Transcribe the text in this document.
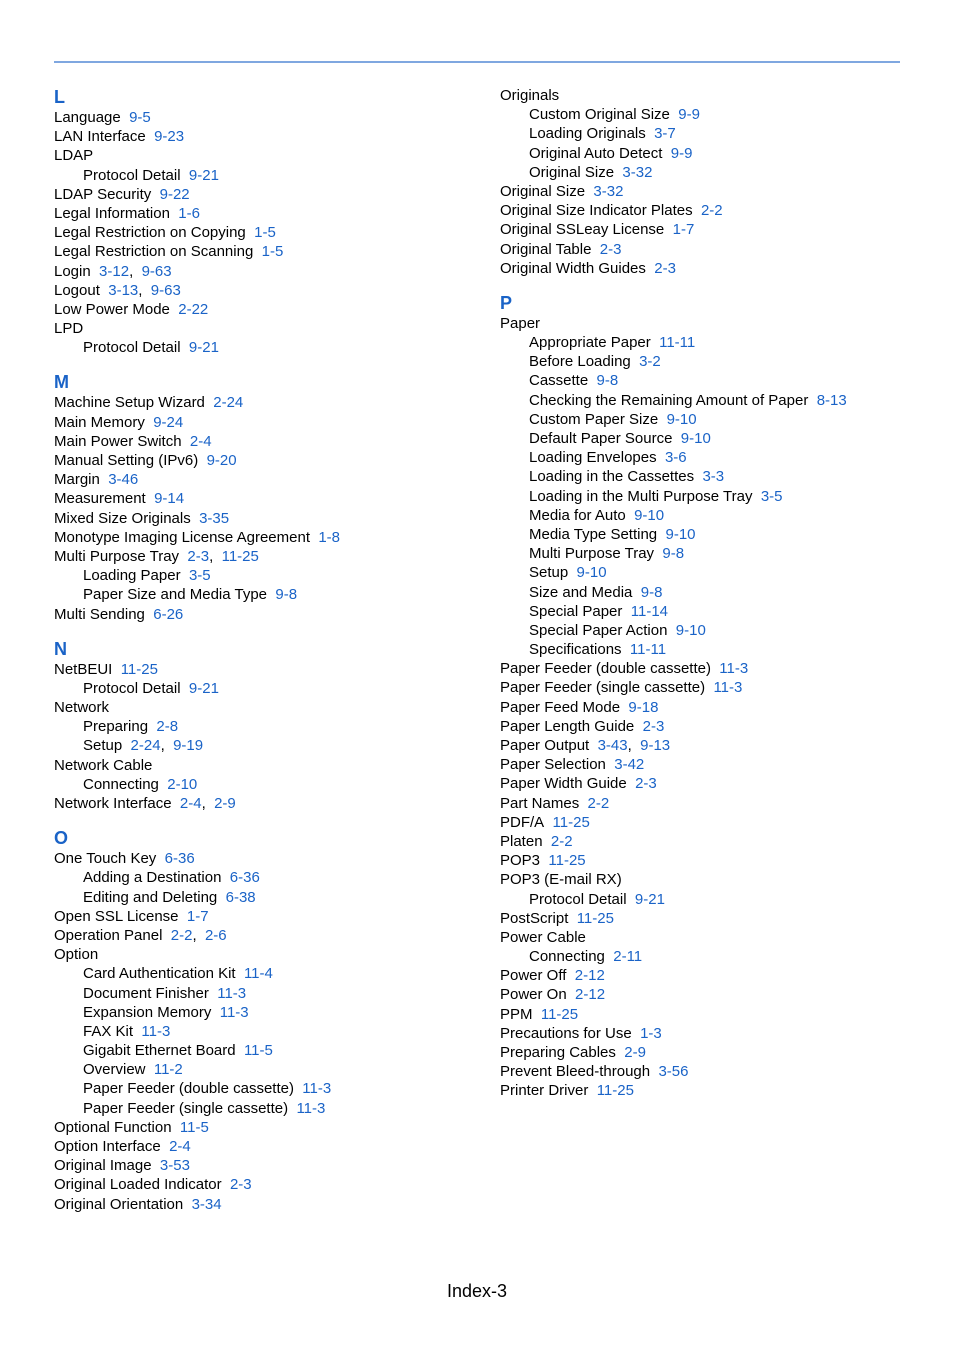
L
Language 9-5
LAN Interface 9-23
LDAP
Protocol Detail 9-21
LDAP Security 9-22
Legal Information 1-6
Legal Restriction on Copying 1-5
Legal Restriction on Scanning 1-5
Login 3-12, 9-63
Logout 3-13, 9-63
Low Power Mode 2-22
LPD
Protocol Detail 9-21
M
Machine Setup Wizard 2-24
Main Memory 9-24
Main Power Switch 2-4
Manual Setting (IPv6) 9-20
Margin 3-46
Measurement 9-14
Mixed Size Originals 3-35
Monotype Imaging License Agreement 1-8
Multi Purpose Tray 2-3, 11-25
Loading Paper 3-5
Paper Size and Media Type 9-8
Multi Sending 6-26
N
NetBEUI 11-25
Protocol Detail 9-21
Network
Preparing 2-8
Setup 2-24, 9-19
Network Cable
Connecting 2-10
Network Interface 2-4, 2-9
O
One Touch Key 6-36
Adding a Destination 6-36
Editing and Deleting 6-38
Open SSL License 1-7
Operation Panel 2-2, 2-6
Option
Card Authentication Kit 11-4
Document Finisher 11-3
Expansion Memory 11-3
FAX Kit 11-3
Gigabit Ethernet Board 11-5
Overview 11-2
Paper Feeder (double cassette) 11-3
Paper Feeder (single cassette) 11-3
Optional Function 11-5
Option Interface 2-4
Original Image 3-53
Original Loaded Indicator 2-3
Original Orientation 3-34
Originals
Custom Original Size 9-9
Loading Originals 3-7
Original Auto Detect 9-9
Original Size 3-32
Original Size 3-32
Original Size Indicator Plates 2-2
Original SSLeay License 1-7
Original Table 2-3
Original Width Guides 2-3
P
Paper
Appropriate Paper 11-11
Before Loading 3-2
Cassette 9-8
Checking the Remaining Amount of Paper 8-13
Custom Paper Size 9-10
Default Paper Source 9-10
Loading Envelopes 3-6
Loading in the Cassettes 3-3
Loading in the Multi Purpose Tray 3-5
Media for Auto 9-10
Media Type Setting 9-10
Multi Purpose Tray 9-8
Setup 9-10
Size and Media 9-8
Special Paper 11-14
Special Paper Action 9-10
Specifications 11-11
Paper Feeder (double cassette) 11-3
Paper Feeder (single cassette) 11-3
Paper Feed Mode 9-18
Paper Length Guide 2-3
Paper Output 3-43, 9-13
Paper Selection 3-42
Paper Width Guide 2-3
Part Names 2-2
PDF/A 11-25
Platen 2-2
POP3 11-25
POP3 (E-mail RX)
Protocol Detail 9-21
PostScript 11-25
Power Cable
Connecting 2-11
Power Off 2-12
Power On 2-12
PPM 11-25
Precautions for Use 1-3
Preparing Cables 2-9
Prevent Bleed-through 3-56
Printer Driver 11-25
Index-3
